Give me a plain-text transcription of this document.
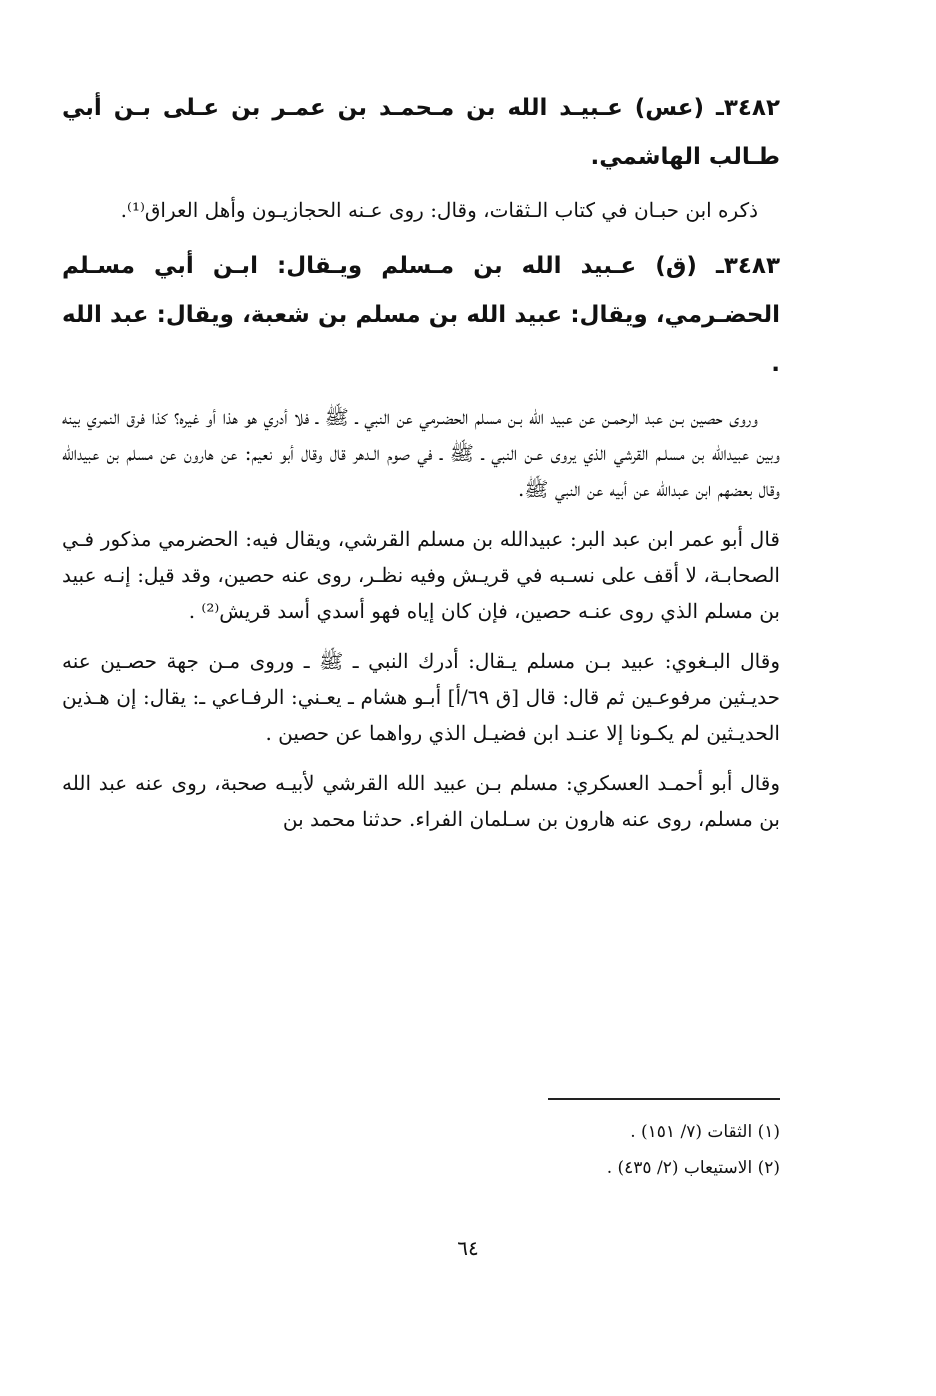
٣٤٨٢ـ (عس) عـبيـد الله بن مـحمـد بن عمـر بن عـلى بـن أبي طـالب الهاشمي.

ذكره ابن حبـان في كتاب الـثقات، وقال: روى عـنه الحجازيـون وأهل العراق⁽¹⁾.

٣٤٨٣ـ (ق) عـبيد الله بن مـسلم ويـقال: ابـن أبي مسـلم الحضـرمي، ويقال: عبيد الله بن مسلم بن شعبة، ويقال: عبد الله .

وروى حصين بـن عبد الرحمـن عن عبيد الله بـن مسلم الحضـرمي عن النبي ـ ﷺ ـ فلا أدري هو هذا أو غيره؟ كذا فرق النمري بينه وبين عبيدالله بن مسلـم القرشي الذي يروى عـن النبي ـ ﷺ ـ في صوم الـدهر قال وقال أبو نعيم: عن هارون عن مسلم بن عبيدالله وقال بعضهم ابن عبدالله عن أبيه عن النبي ﷺ.

قال أبو عمر ابن عبد البر: عبيدالله بن مسلم القرشي، ويقال فيه: الحضرمي مذكور فـي الصحابـة، لا أقف على نسـبه في قريـش وفيه نظـر، روى عنه حصين، وقد قيل: إنـه عبيد بن مسلم الذي روى عنـه حصين، فإن كان إياه فهو أسدي أسد قريش⁽²⁾ .

وقال البـغوي: عبيد بـن مسلم يـقال: أدرك النبي ـ ﷺ ـ وروى مـن جهة حصـين عنه حديـثين مرفوعـين ثم قال: قال [ق ٦٩/أ] أبـو هشام ـ يعـني: الرفـاعي ـ: يقال: إن هـذين الحديـثين لم يكـونا إلا عنـد ابن فضيـل الذي رواهما عن حصين .

وقال أبو أحمـد العسكري: مسلم بـن عبيد الله القرشي لأبيـه صحبة، روى عنه عبد الله بن مسلم، روى عنه هارون بن سـلمان الفراء. حدثنا محمد بن

(١) الثقات (٧/ ١٥١) .

(٢) الاستيعاب (٢/ ٤٣٥) .

٦٤
